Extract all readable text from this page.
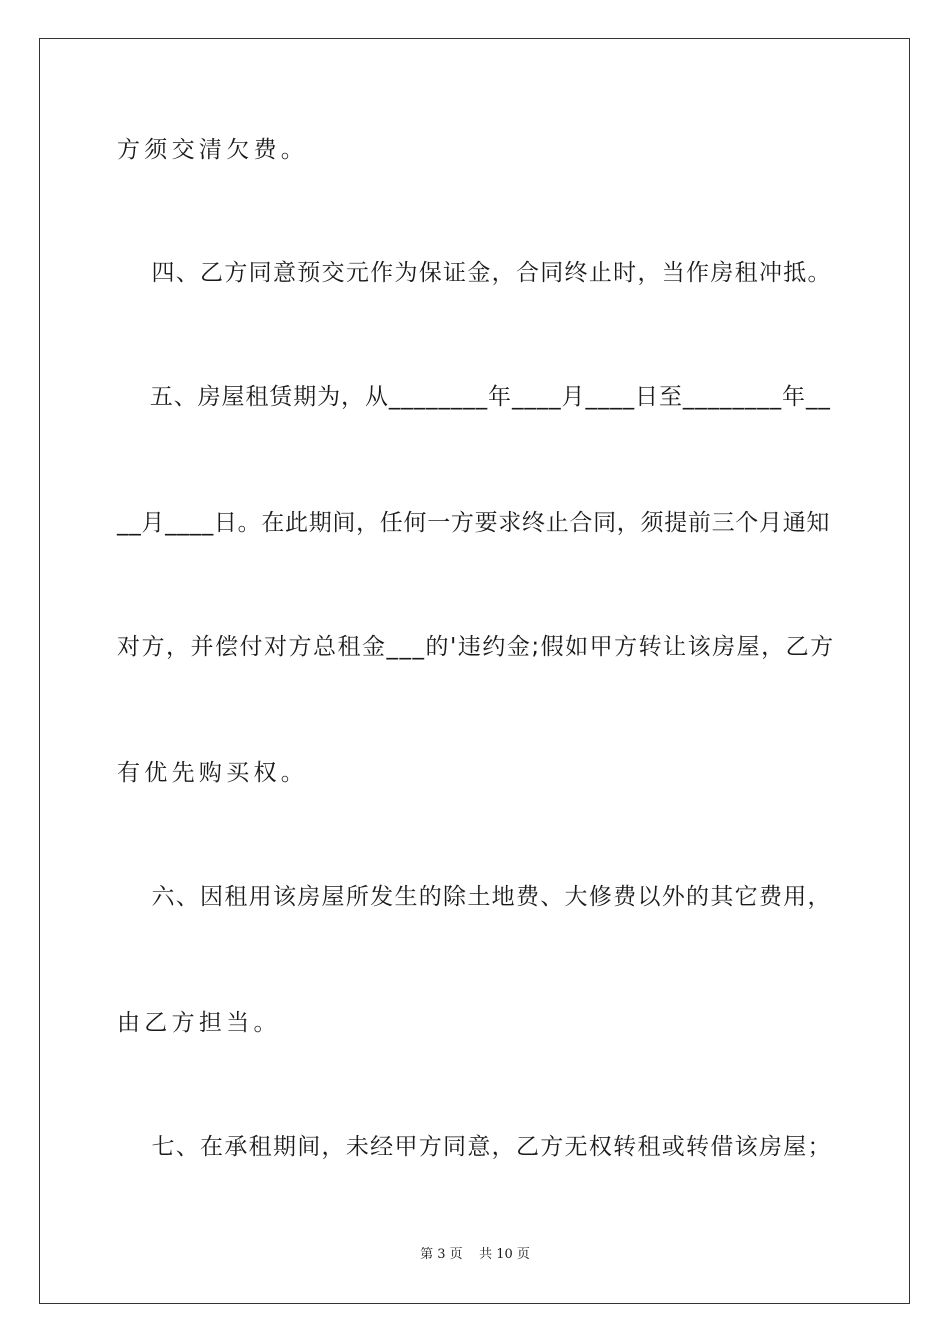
方须交清欠费。
四、乙方同意预交元作为保证金，合同终止时，当作房租冲抵。
五、房屋租赁期为，从________年____月____日至________年__
__月____日。在此期间，任何一方要求终止合同，须提前三个月通知
对方，并偿付对方总租金___的'违约金;假如甲方转让该房屋，乙方
有优先购买权。
六、因租用该房屋所发生的除土地费、大修费以外的其它费用，
由乙方担当。
七、在承租期间，未经甲方同意，乙方无权转租或转借该房屋；
第 3 页    共 10 页
